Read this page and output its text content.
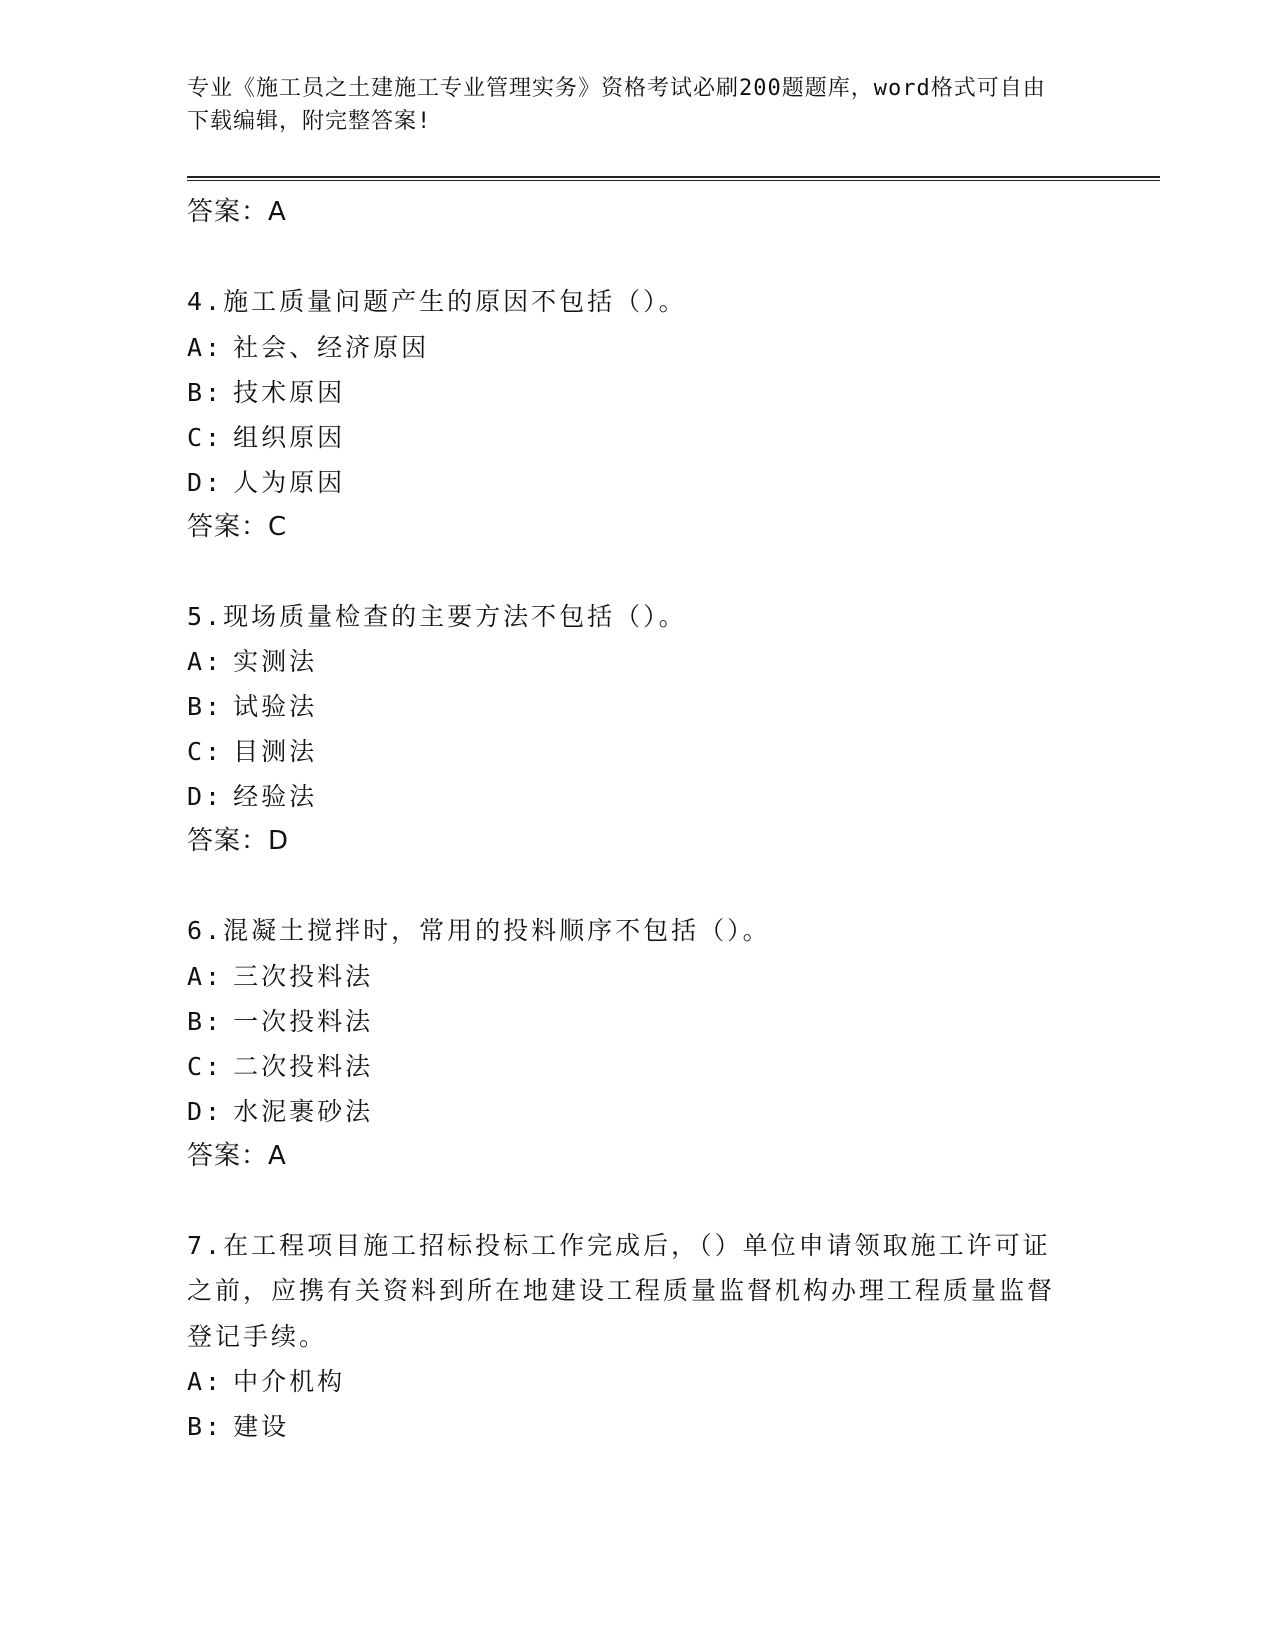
专业《施工员之土建施工专业管理实务》资格考试必刷200题题库，word格式可自由下载编辑，附完整答案!

答案：A

4.施工质量问题产生的原因不包括（）。

A: 社会、经济原因

B: 技术原因

C: 组织原因

D: 人为原因

答案：C

5.现场质量检查的主要方法不包括（）。

A: 实测法

B: 试验法

C: 目测法

D: 经验法

答案：D

6.混凝土搅拌时，常用的投料顺序不包括（）。

A: 三次投料法

B: 一次投料法

C: 二次投料法

D: 水泥裹砂法

答案：A

7.在工程项目施工招标投标工作完成后，（）单位申请领取施工许可证之前，应携有关资料到所在地建设工程质量监督机构办理工程质量监督登记手续。

A: 中介机构

B: 建设
